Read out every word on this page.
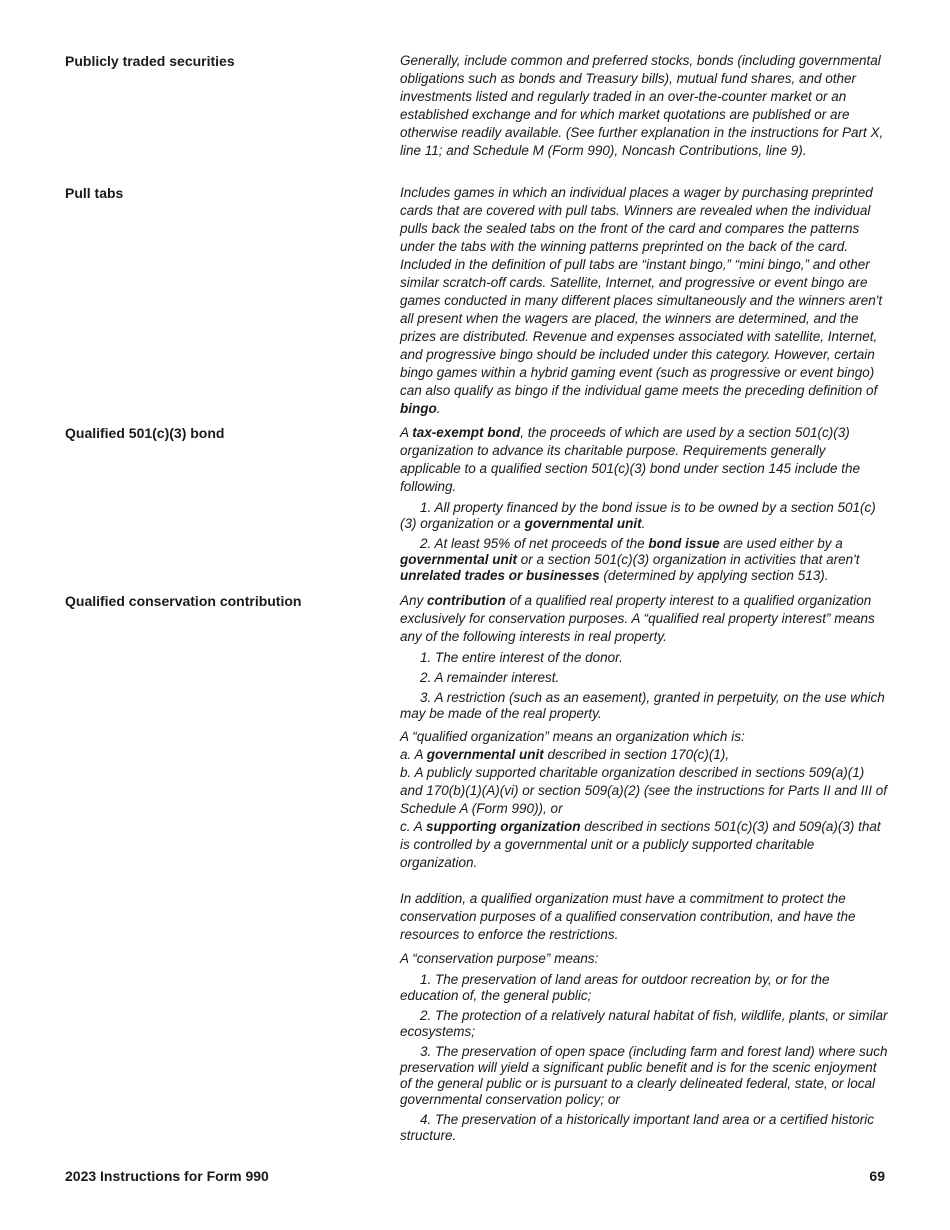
Publicly traded securities	Generally, include common and preferred stocks, bonds (including governmental obligations such as bonds and Treasury bills), mutual fund shares, and other investments listed and regularly traded in an over-the-counter market or an established exchange and for which market quotations are published or are otherwise readily available. (See further explanation in the instructions for Part X, line 11; and Schedule M (Form 990), Noncash Contributions, line 9).

Pull tabs	Includes games in which an individual places a wager by purchasing preprinted cards that are covered with pull tabs. Winners are revealed when the individual pulls back the sealed tabs on the front of the card and compares the patterns under the tabs with the winning patterns preprinted on the back of the card. Included in the definition of pull tabs are “instant bingo,” “mini bingo,” and other similar scratch-off cards. Satellite, Internet, and progressive or event bingo are games conducted in many different places simultaneously and the winners aren't all present when the wagers are placed, the winners are determined, and the prizes are distributed. Revenue and expenses associated with satellite, Internet, and progressive bingo should be included under this category. However, certain bingo games within a hybrid gaming event (such as progressive or event bingo) can also qualify as bingo if the individual game meets the preceding definition of bingo.

Qualified 501(c)(3) bond	A tax-exempt bond, the proceeds of which are used by a section 501(c)(3) organization to advance its charitable purpose. Requirements generally applicable to a qualified section 501(c)(3) bond under section 145 include the following.

1. All property financed by the bond issue is to be owned by a section 501(c)(3) organization or a governmental unit.

2. At least 95% of net proceeds of the bond issue are used either by a governmental unit or a section 501(c)(3) organization in activities that aren't unrelated trades or businesses (determined by applying section 513).

Qualified conservation contribution	Any contribution of a qualified real property interest to a qualified organization exclusively for conservation purposes. A “qualified real property interest” means any of the following interests in real property.

1. The entire interest of the donor.

2. A remainder interest.

3. A restriction (such as an easement), granted in perpetuity, on the use which may be made of the real property.

A “qualified organization” means an organization which is:

a. A governmental unit described in section 170(c)(1),

b. A publicly supported charitable organization described in sections 509(a)(1) and 170(b)(1)(A)(vi) or section 509(a)(2) (see the instructions for Parts II and III of Schedule A (Form 990)), or

c. A supporting organization described in sections 501(c)(3) and 509(a)(3) that is controlled by a governmental unit or a publicly supported charitable organization.

In addition, a qualified organization must have a commitment to protect the conservation purposes of a qualified conservation contribution, and have the resources to enforce the restrictions.

A “conservation purpose” means:

1. The preservation of land areas for outdoor recreation by, or for the education of, the general public;

2. The protection of a relatively natural habitat of fish, wildlife, plants, or similar ecosystems;

3. The preservation of open space (including farm and forest land) where such preservation will yield a significant public benefit and is for the scenic enjoyment of the general public or is pursuant to a clearly delineated federal, state, or local governmental conservation policy; or

4. The preservation of a historically important land area or a certified historic structure.

2023 Instructions for Form 990	69
